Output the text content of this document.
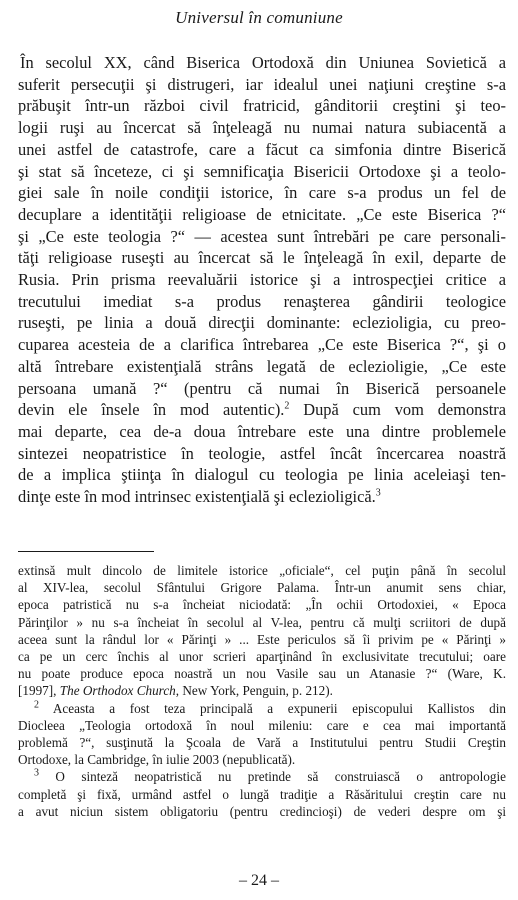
Universul în comuniune
În secolul XX, când Biserica Ortodoxă din Uniunea Sovietică a
suferit persecuţii şi distrugeri, iar idealul unei naţiuni creştine s-a
prăbuşit într-un război civil fratricid, gânditorii creştini şi teo-
logii ruşi au încercat să înţeleagă nu numai natura subiacentă a
unei astfel de catastrofe, care a făcut ca simfonia dintre Biserică
şi stat să înceteze, ci şi semnificaţia Bisericii Ortodoxe şi a teolo-
giei sale în noile condiţii istorice, în care s-a produs un fel de
decuplare a identităţii religioase de etnicitate. „Ce este Biserica ?“
şi „Ce este teologia ?“ — acestea sunt întrebări pe care personali-
tăţi religioase ruseşti au încercat să le înţeleagă în exil, departe de
Rusia. Prin prisma reevaluării istorice şi a introspecţiei critice a
trecutului imediat s-a produs renaşterea gândirii teologice
ruseşti, pe linia a două direcţii dominante: eclezioligia, cu preo-
cuparea acesteia de a clarifica întrebarea „Ce este Biserica ?“, şi o
altă întrebare existenţială strâns legată de eclezioligie, „Ce este
persoana umană ?“ (pentru că numai în Biserică persoanele
devin ele însele în mod autentic).$^2$ După cum vom demonstra
mai departe, cea de-a doua întrebare este una dintre problemele
sintezei neopatristice în teologie, astfel încât încercarea noastră
de a implica ştiinţa în dialogul cu teologia pe linia aceleiaşi ten-
dinţe este în mod intrinsec existenţială şi eclezioligică.$^3$
extinsă mult dincolo de limitele istorice „oficiale“, cel puţin până în secolul
al XIV-lea, secolul Sfântului Grigore Palama. Într-un anumit sens chiar,
epoca patristică nu s-a încheiat niciodată: „În ochii Ortodoxiei, « Epoca
Părinţilor » nu s-a încheiat în secolul al V-lea, pentru că mulţi scriitori de după
aceea sunt la rândul lor « Părinţi » ... Este periculos să îi privim pe « Părinţi »
ca pe un cerc închis al unor scrieri aparţinând în exclusivitate trecutului; oare
nu poate produce epoca noastră un nou Vasile sau un Atanasie ?“ (Ware, K.
[1997], The Orthodox Church, New York, Penguin, p. 212).
$^2$ Aceasta a fost teza principală a expunerii episcopului Kallistos din
Diocleea „Teologia ortodoxă în noul mileniu: care e cea mai importantă
problemă ?“, susţinută la Şcoala de Vară a Institutului pentru Studii Creştin
Ortodoxe, la Cambridge, în iulie 2003 (nepublicată).
$^3$ O sinteză neopatristică nu pretinde să construiască o antropologie
completă şi fixă, urmând astfel o lungă tradiţie a Răsăritului creştin care nu
a avut niciun sistem obligatoriu (pentru credincioşi) de vederi despre om şi
– 24 –
